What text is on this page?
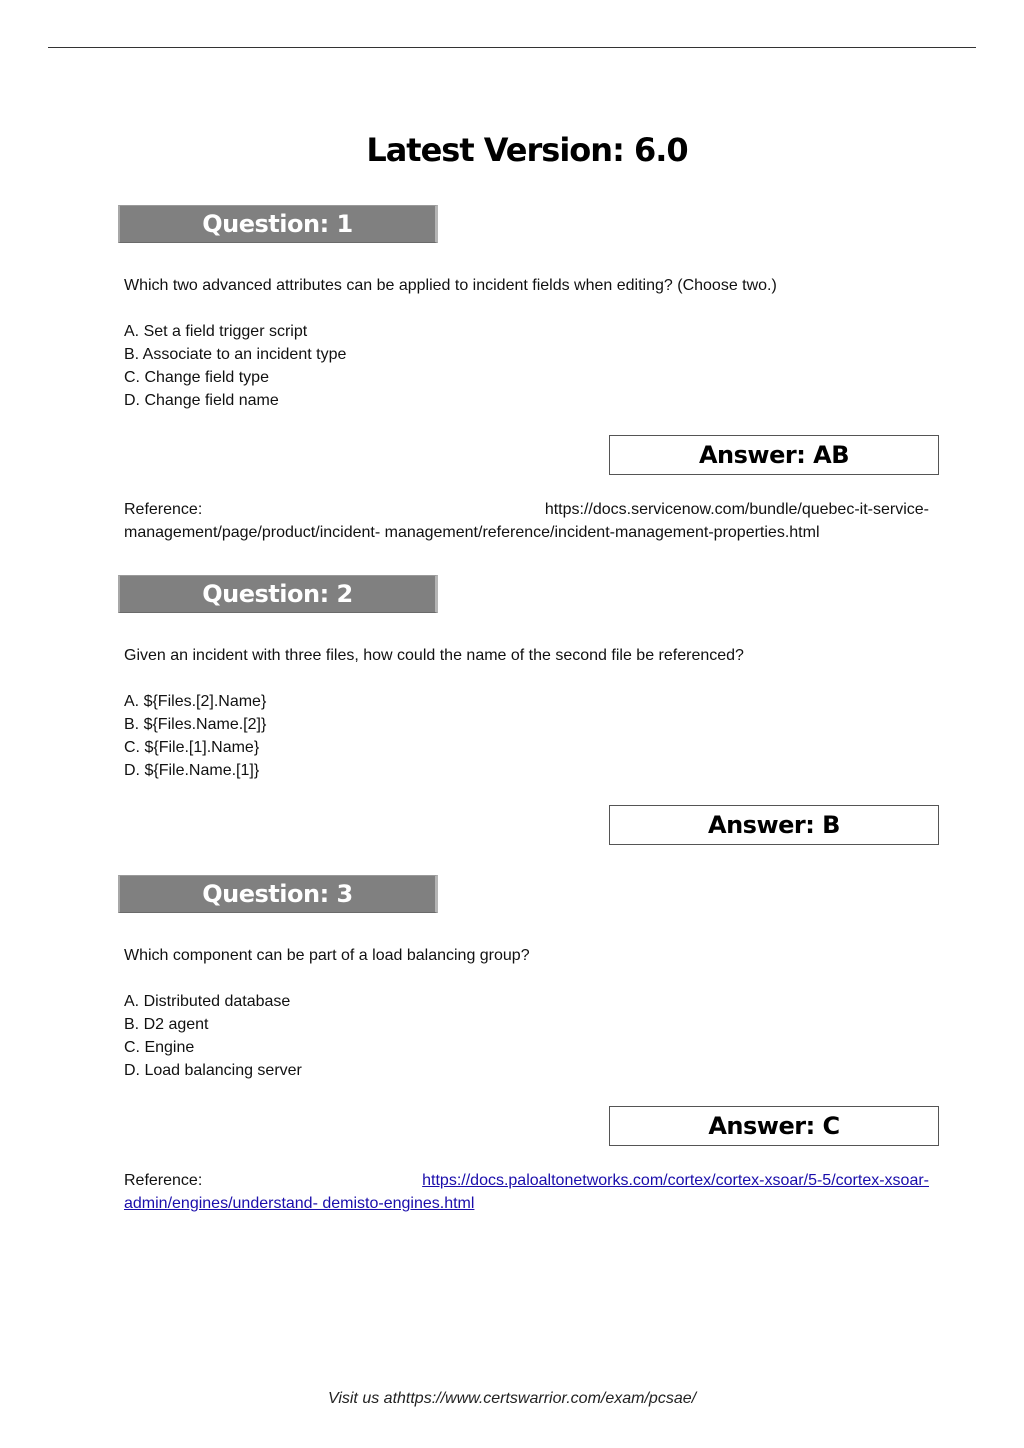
Latest Version: 6.0
Question: 1
Which two advanced attributes can be applied to incident fields when editing? (Choose two.)
A. Set a field trigger script
B. Associate to an incident type
C. Change field type
D. Change field name
Answer: AB
Reference:	https://docs.servicenow.com/bundle/quebec-it-service-
management/page/product/incident- management/reference/incident-management-properties.html
Question: 2
Given an incident with three files, how could the name of the second file be referenced?
A. ${Files.[2].Name}
B. ${Files.Name.[2]}
C. ${File.[1].Name}
D. ${File.Name.[1]}
Answer: B
Question: 3
Which component can be part of a load balancing group?
A. Distributed database
B. D2 agent
C. Engine
D. Load balancing server
Answer: C
Reference:	https://docs.paloaltonetworks.com/cortex/cortex-xsoar/5-5/cortex-xsoar-
admin/engines/understand- demisto-engines.html
Visit us athttps://www.certswarrior.com/exam/pcsae/
